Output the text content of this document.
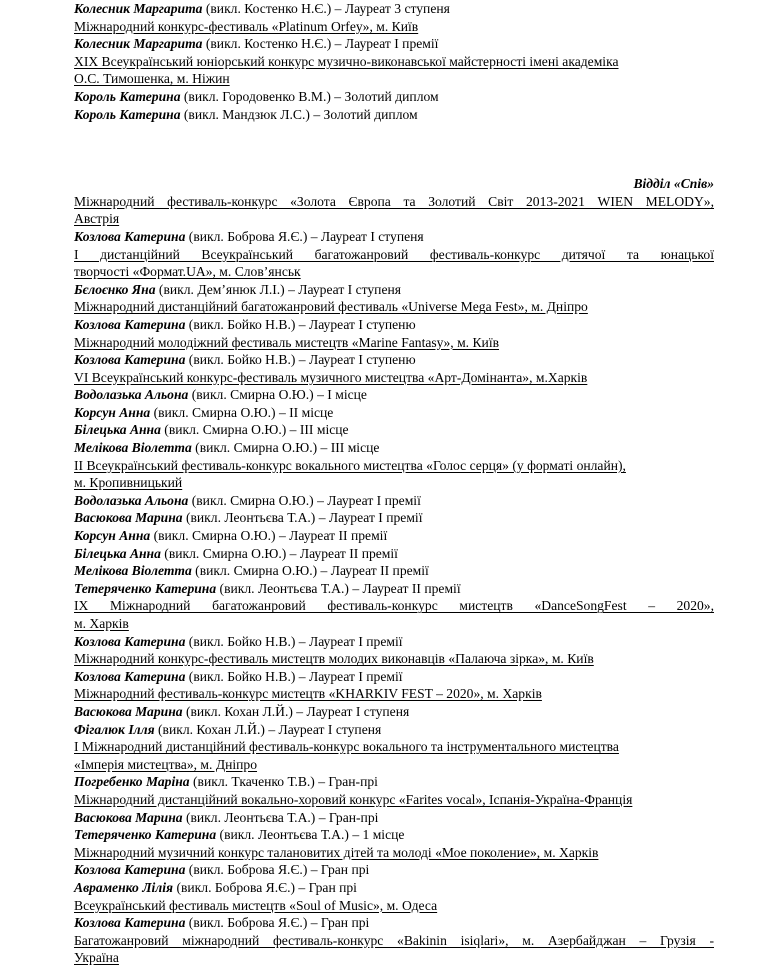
Колесник Маргарита (викл. Костенко Н.Є.) – Лауреат 3 ступеня
Міжнародний конкурс-фестиваль «Platinum Orfey», м. Київ
Колесник Маргарита (викл. Костенко Н.Є.) – Лауреат І премії
XIX Всеукраїнський юніорський конкурс музично-виконавської майстерності імені академіка
О.С. Тимошенка, м. Ніжин
Король Катерина (викл. Городовенко В.М.) – Золотий диплом
Король Катерина (викл. Мандзюк Л.С.) – Золотий диплом
Відділ «Спів»
Міжнародний фестиваль-конкурс «Золота Європа та Золотий Світ 2013-2021 WIEN MELODY»,
Австрія
Козлова Катерина (викл. Боброва Я.Є.) – Лауреат І ступеня
І дистанційний Всеукраїнський багатожанровий фестиваль-конкурс дитячої та юнацької
творчості «Формат.UA», м. Слов’янськ
Бєлоєнко Яна (викл. Дем’янюк Л.І.) – Лауреат І ступеня
Міжнародний дистанційний багатожанровий фестиваль «Universe Mega Fest», м. Дніпро
Козлова Катерина (викл. Бойко Н.В.) – Лауреат І ступеню
Міжнародний молодіжний фестиваль мистецтв «Marine Fantasy», м. Київ
Козлова Катерина (викл. Бойко Н.В.) – Лауреат І ступеню
VI Всеукраїнський конкурс-фестиваль музичного мистецтва «Арт-Домінанта», м.Харків
Водолазька Альона (викл. Смирна О.Ю.) – І місце
Корсун Анна (викл. Смирна О.Ю.) – ІІ місце
Білецька Анна (викл. Смирна О.Ю.) – ІІІ місце
Мелікова Віолетта (викл. Смирна О.Ю.) – ІІІ місце
ІІ Всеукраїнський фестиваль-конкурс вокального мистецтва «Голос серця» (у форматі онлайн),
м. Кропивницький
Водолазька Альона (викл. Смирна О.Ю.) – Лауреат І премії
Васюкова Марина (викл. Леонтьєва Т.А.) – Лауреат І премії
Корсун Анна (викл. Смирна О.Ю.) – Лауреат ІІ премії
Білецька Анна (викл. Смирна О.Ю.) – Лауреат ІІ премії
Мелікова Віолетта (викл. Смирна О.Ю.) – Лауреат ІІ премії
Тетеряченко Катерина (викл. Леонтьєва Т.А.) – Лауреат ІІ премії
IX Міжнародний багатожанровий фестиваль-конкурс мистецтв «DanceSongFest – 2020»,
м. Харків
Козлова Катерина (викл. Бойко Н.В.) – Лауреат І премії
Міжнародний конкурс-фестиваль мистецтв молодих виконавців «Палаюча зірка», м. Київ
Козлова Катерина (викл. Бойко Н.В.) – Лауреат І премії
Міжнародний фестиваль-конкурс мистецтв «KHARKIV FEST – 2020», м. Харків
Васюкова Марина (викл. Кохан Л.Й.) – Лауреат І ступеня
Фігалюк Ілля (викл. Кохан Л.Й.) – Лауреат І ступеня
І Міжнародний дистанційний фестиваль-конкурс вокального та інструментального мистецтва
«Імперія мистецтва», м. Дніпро
Погребенко Маріна (викл. Ткаченко Т.В.) – Гран-прі
Міжнародний дистанційний вокально-хоровий конкурс «Farites vocal», Іспанія-Україна-Франція
Васюкова Марина (викл. Леонтьєва Т.А.) – Гран-прі
Тетеряченко Катерина (викл. Леонтьєва Т.А.) – 1 місце
Міжнародний музичний конкурс талановитих дітей та молоді «Мое поколение», м. Харків
Козлова Катерина (викл. Боброва Я.Є.) – Гран прі
Авраменко Лілія (викл. Боброва Я.Є.) – Гран прі
Всеукраїнський фестиваль мистецтв «Soul of Music», м. Одеса
Козлова Катерина (викл. Боброва Я.Є.) – Гран прі
Багатожанровий міжнародний фестиваль-конкурс «Bakinin isiqlari», м. Азербайджан – Грузія -
Україна
